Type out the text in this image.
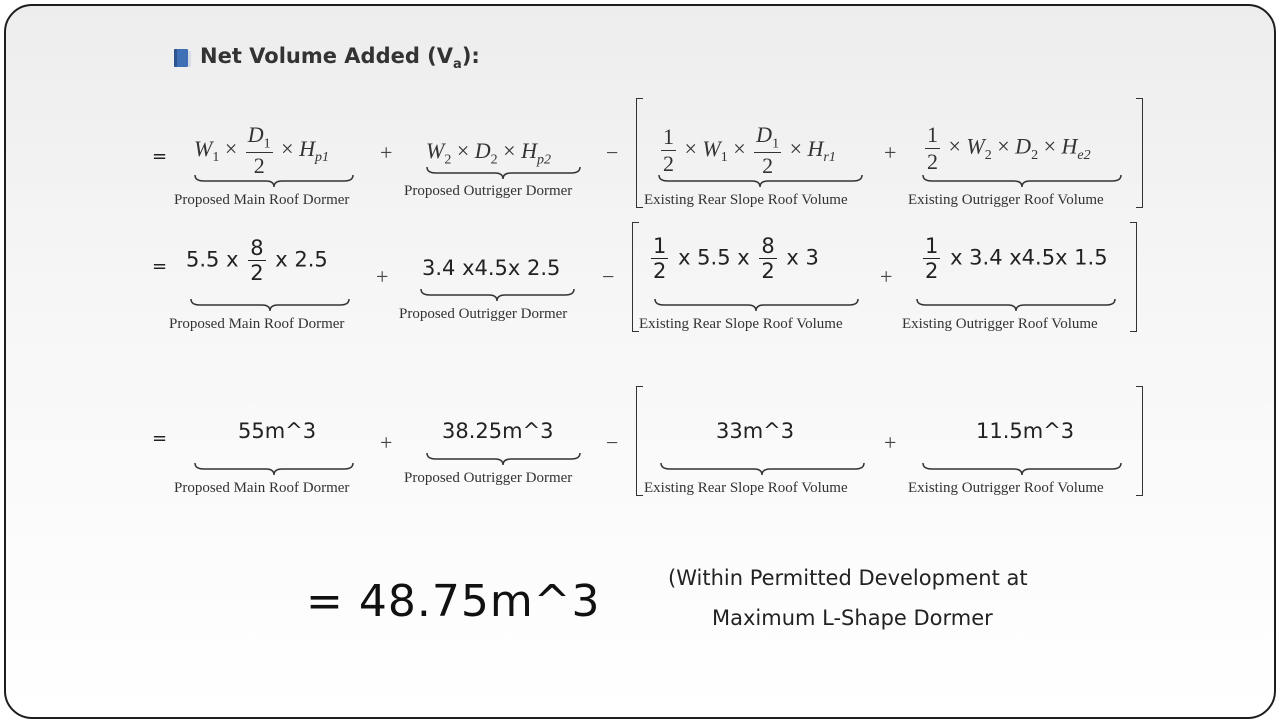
Net Volume Added $(V_a)$:
= $W_1 \times \frac{D_1}{2} \times H_{p1}$
Proposed Main Roof Dormer
+ $W_2 \times D_2 \times H_{p2}$
Proposed Outrigger Dormer
− $\frac{1}{2} \times W_1 \times \frac{D_1}{2} \times H_{r1}$
Existing Rear Slope Roof Volume
+ $\frac{1}{2} \times W_2 \times D_2 \times H_{e2}$
Existing Outrigger Roof Volume
= 5.5 x $\frac{8}{2}$ x 2.5
Proposed Main Roof Dormer
+ 3.4 x4.5x 2.5
Proposed Outrigger Dormer
− $\frac{1}{2}$ x 5.5 x $\frac{8}{2}$ x 3
Existing Rear Slope Roof Volume
+ $\frac{1}{2}$ x 3.4 x4.5x 1.5
Existing Outrigger Roof Volume
=	55m^3
Proposed Main Roof Dormer
+ 38.25m^3
Proposed Outrigger Dormer
−	33m^3
Existing Rear Slope Roof Volume
+	11.5m^3
Existing Outrigger Roof Volume
= 48.75m^3	(Within Permitted Development at
Maximum L-Shape Dormer
